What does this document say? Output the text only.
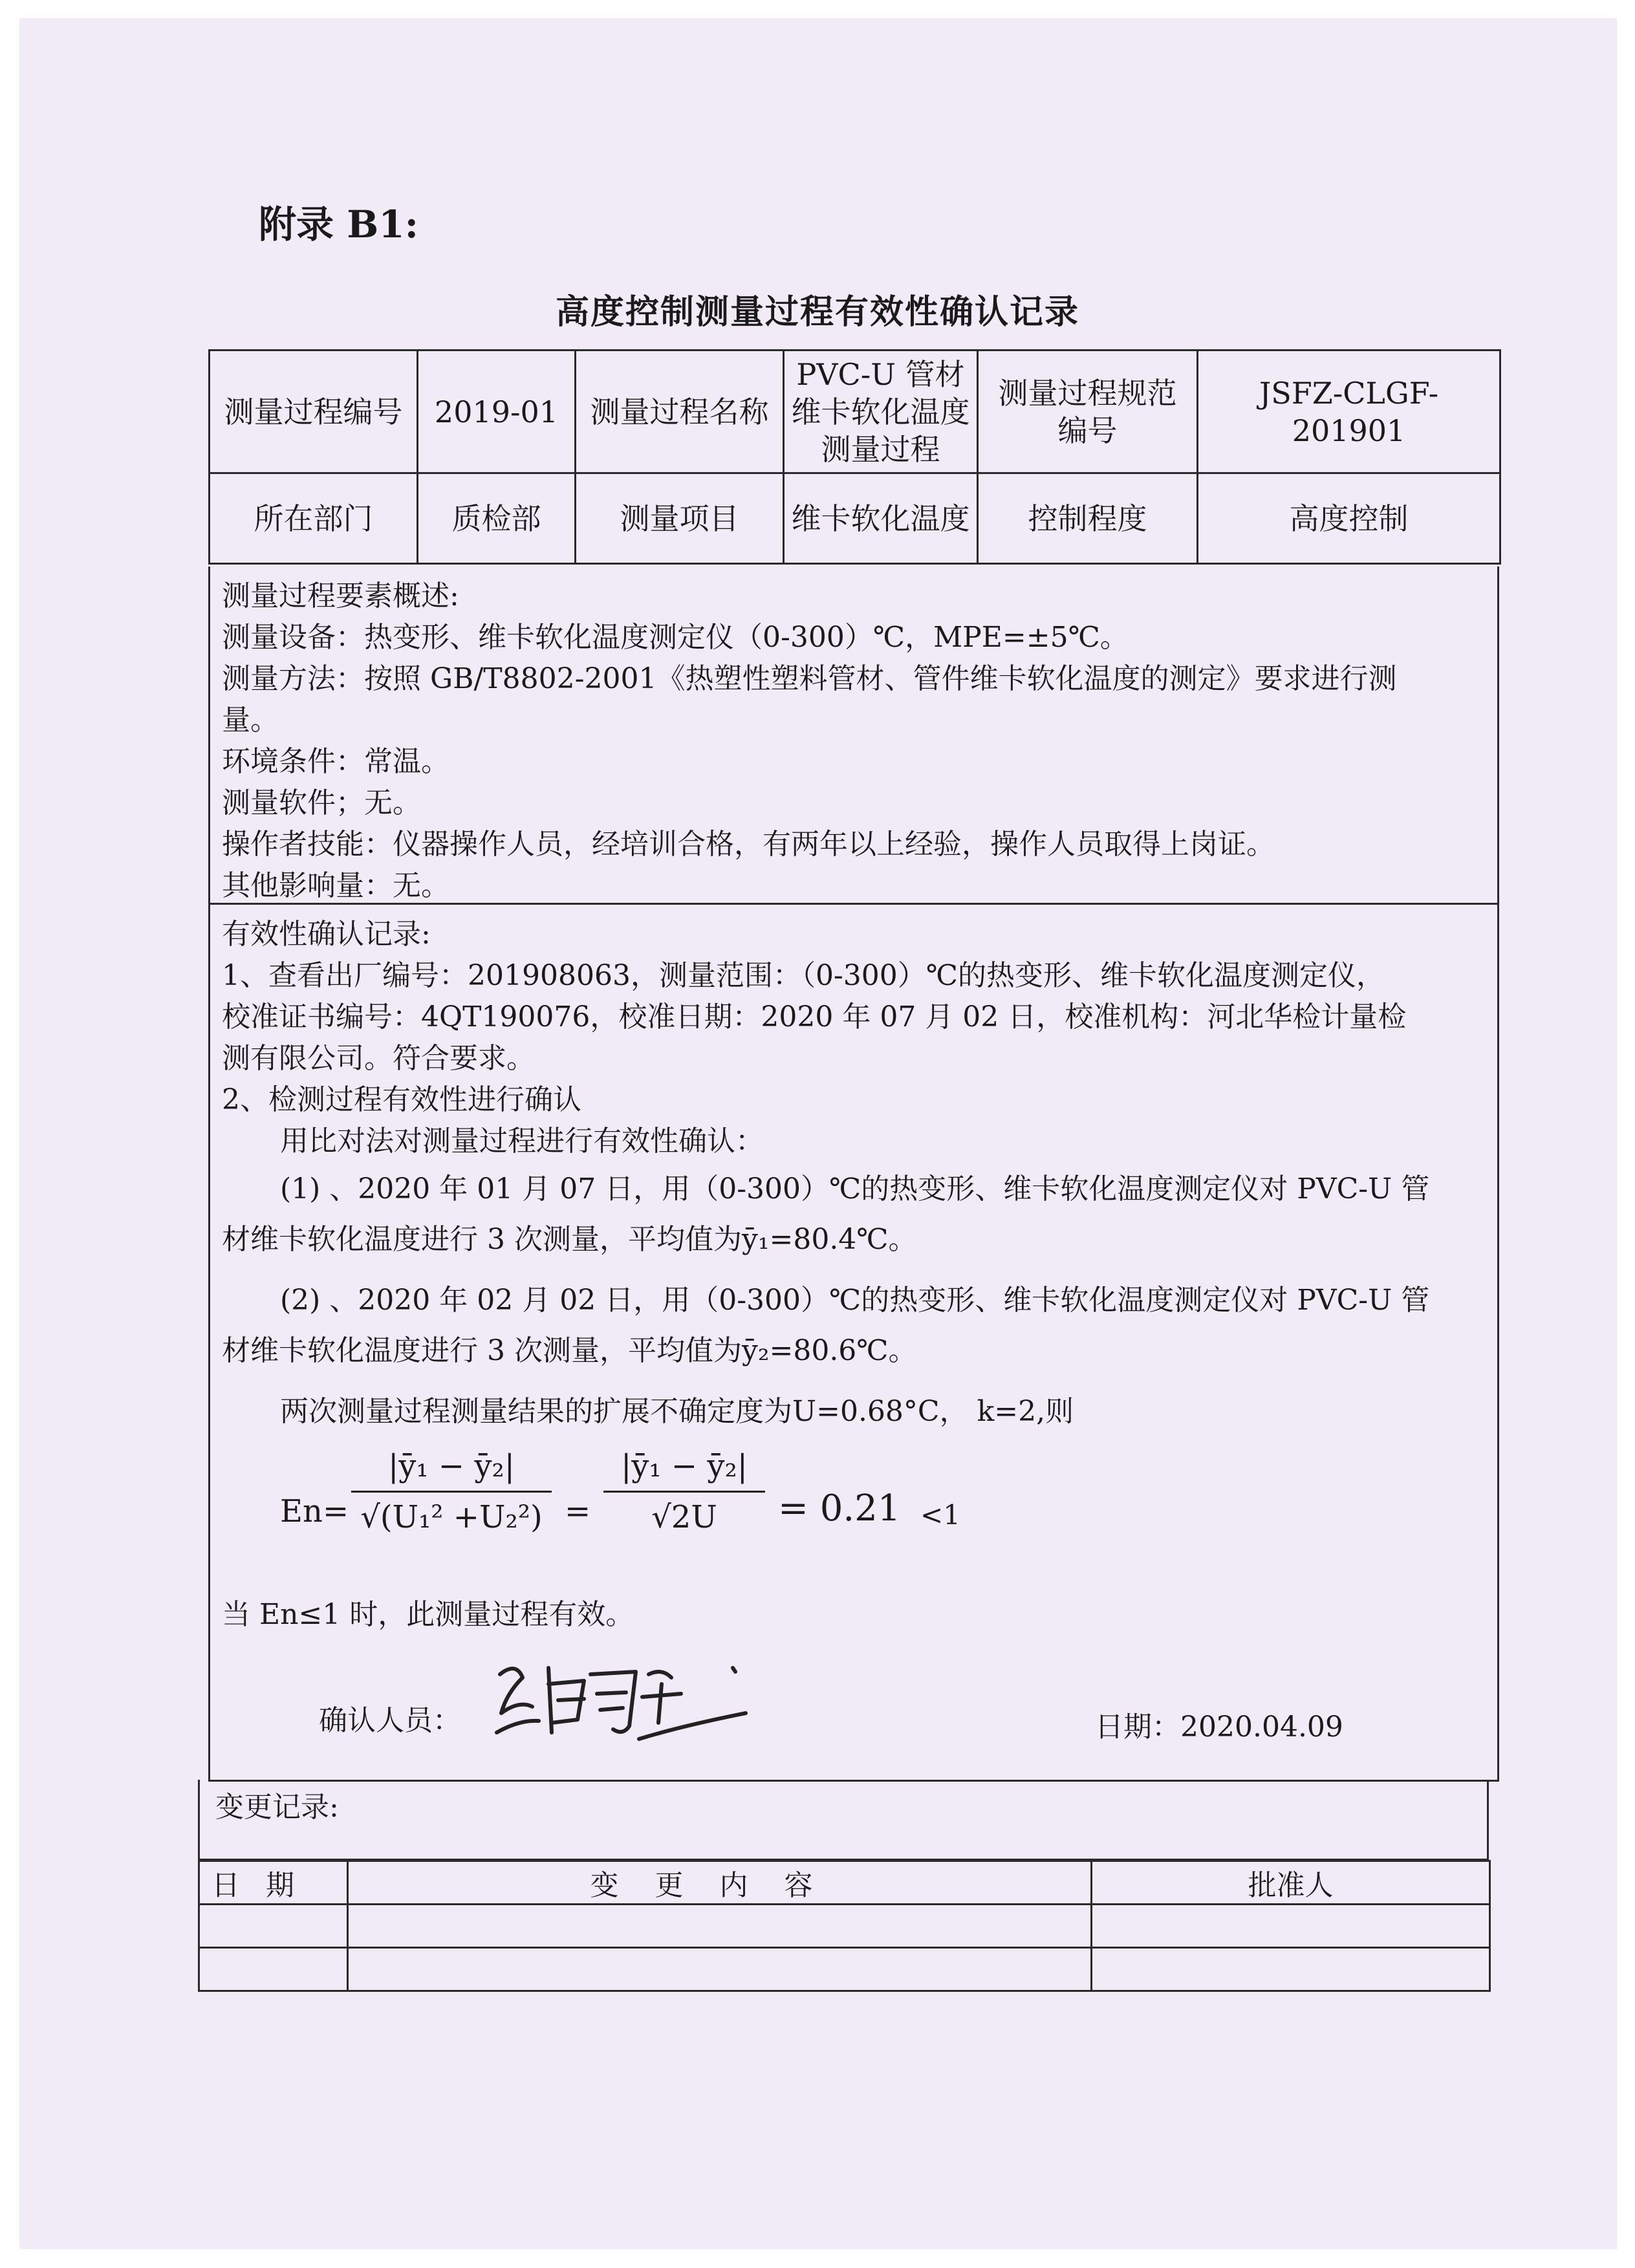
附录 B1:
高度控制测量过程有效性确认记录
测量过程编号	2019-01	测量过程名称	PVC-U 管材维卡软化温度测量过程	测量过程规范编号	JSFZ-CLGF-201901
所在部门	质检部	测量项目	维卡软化温度	控制程度	高度控制

测量过程要素概述:

测量设备：热变形、维卡软化温度测定仪（0-300）℃，MPE=±5℃。

测量方法：按照 GB/T8802-2001《热塑性塑料管材、管件维卡软化温度的测定》要求进行测

量。

环境条件：常温。

测量软件；无。

操作者技能：仪器操作人员，经培训合格，有两年以上经验，操作人员取得上岗证。

其他影响量：无。

有效性确认记录:

1、查看出厂编号：201908063，测量范围：（0-300）℃的热变形、维卡软化温度测定仪，

校准证书编号：4QT190076，校准日期：2020 年 07 月 02 日，校准机构：河北华检计量检

测有限公司。符合要求。

2、检测过程有效性进行确认

用比对法对测量过程进行有效性确认：

(1) 、2020 年 01 月 07 日，用（0-300）℃的热变形、维卡软化温度测定仪对 PVC-U 管

材维卡软化温度进行 3 次测量，平均值为ȳ₁=80.4℃。

(2) 、2020 年 02 月 02 日，用（0-300）℃的热变形、维卡软化温度测定仪对 PVC-U 管

材维卡软化温度进行 3 次测量，平均值为ȳ₂=80.6℃。

两次测量过程测量结果的扩展不确定度为U=0.68°C， k=2,则

$En= \frac{\text{|ȳ₁ − ȳ₂|}}{\text{√(U₁² +U₂²)}} = \frac{\text{|ȳ₁ − ȳ₂|}}{√2U} = 0.21 <1$

当 En≤1 时，此测量过程有效。

确认人员：	日期：2020.04.09
变更记录:
日期	变更内容	批准人
